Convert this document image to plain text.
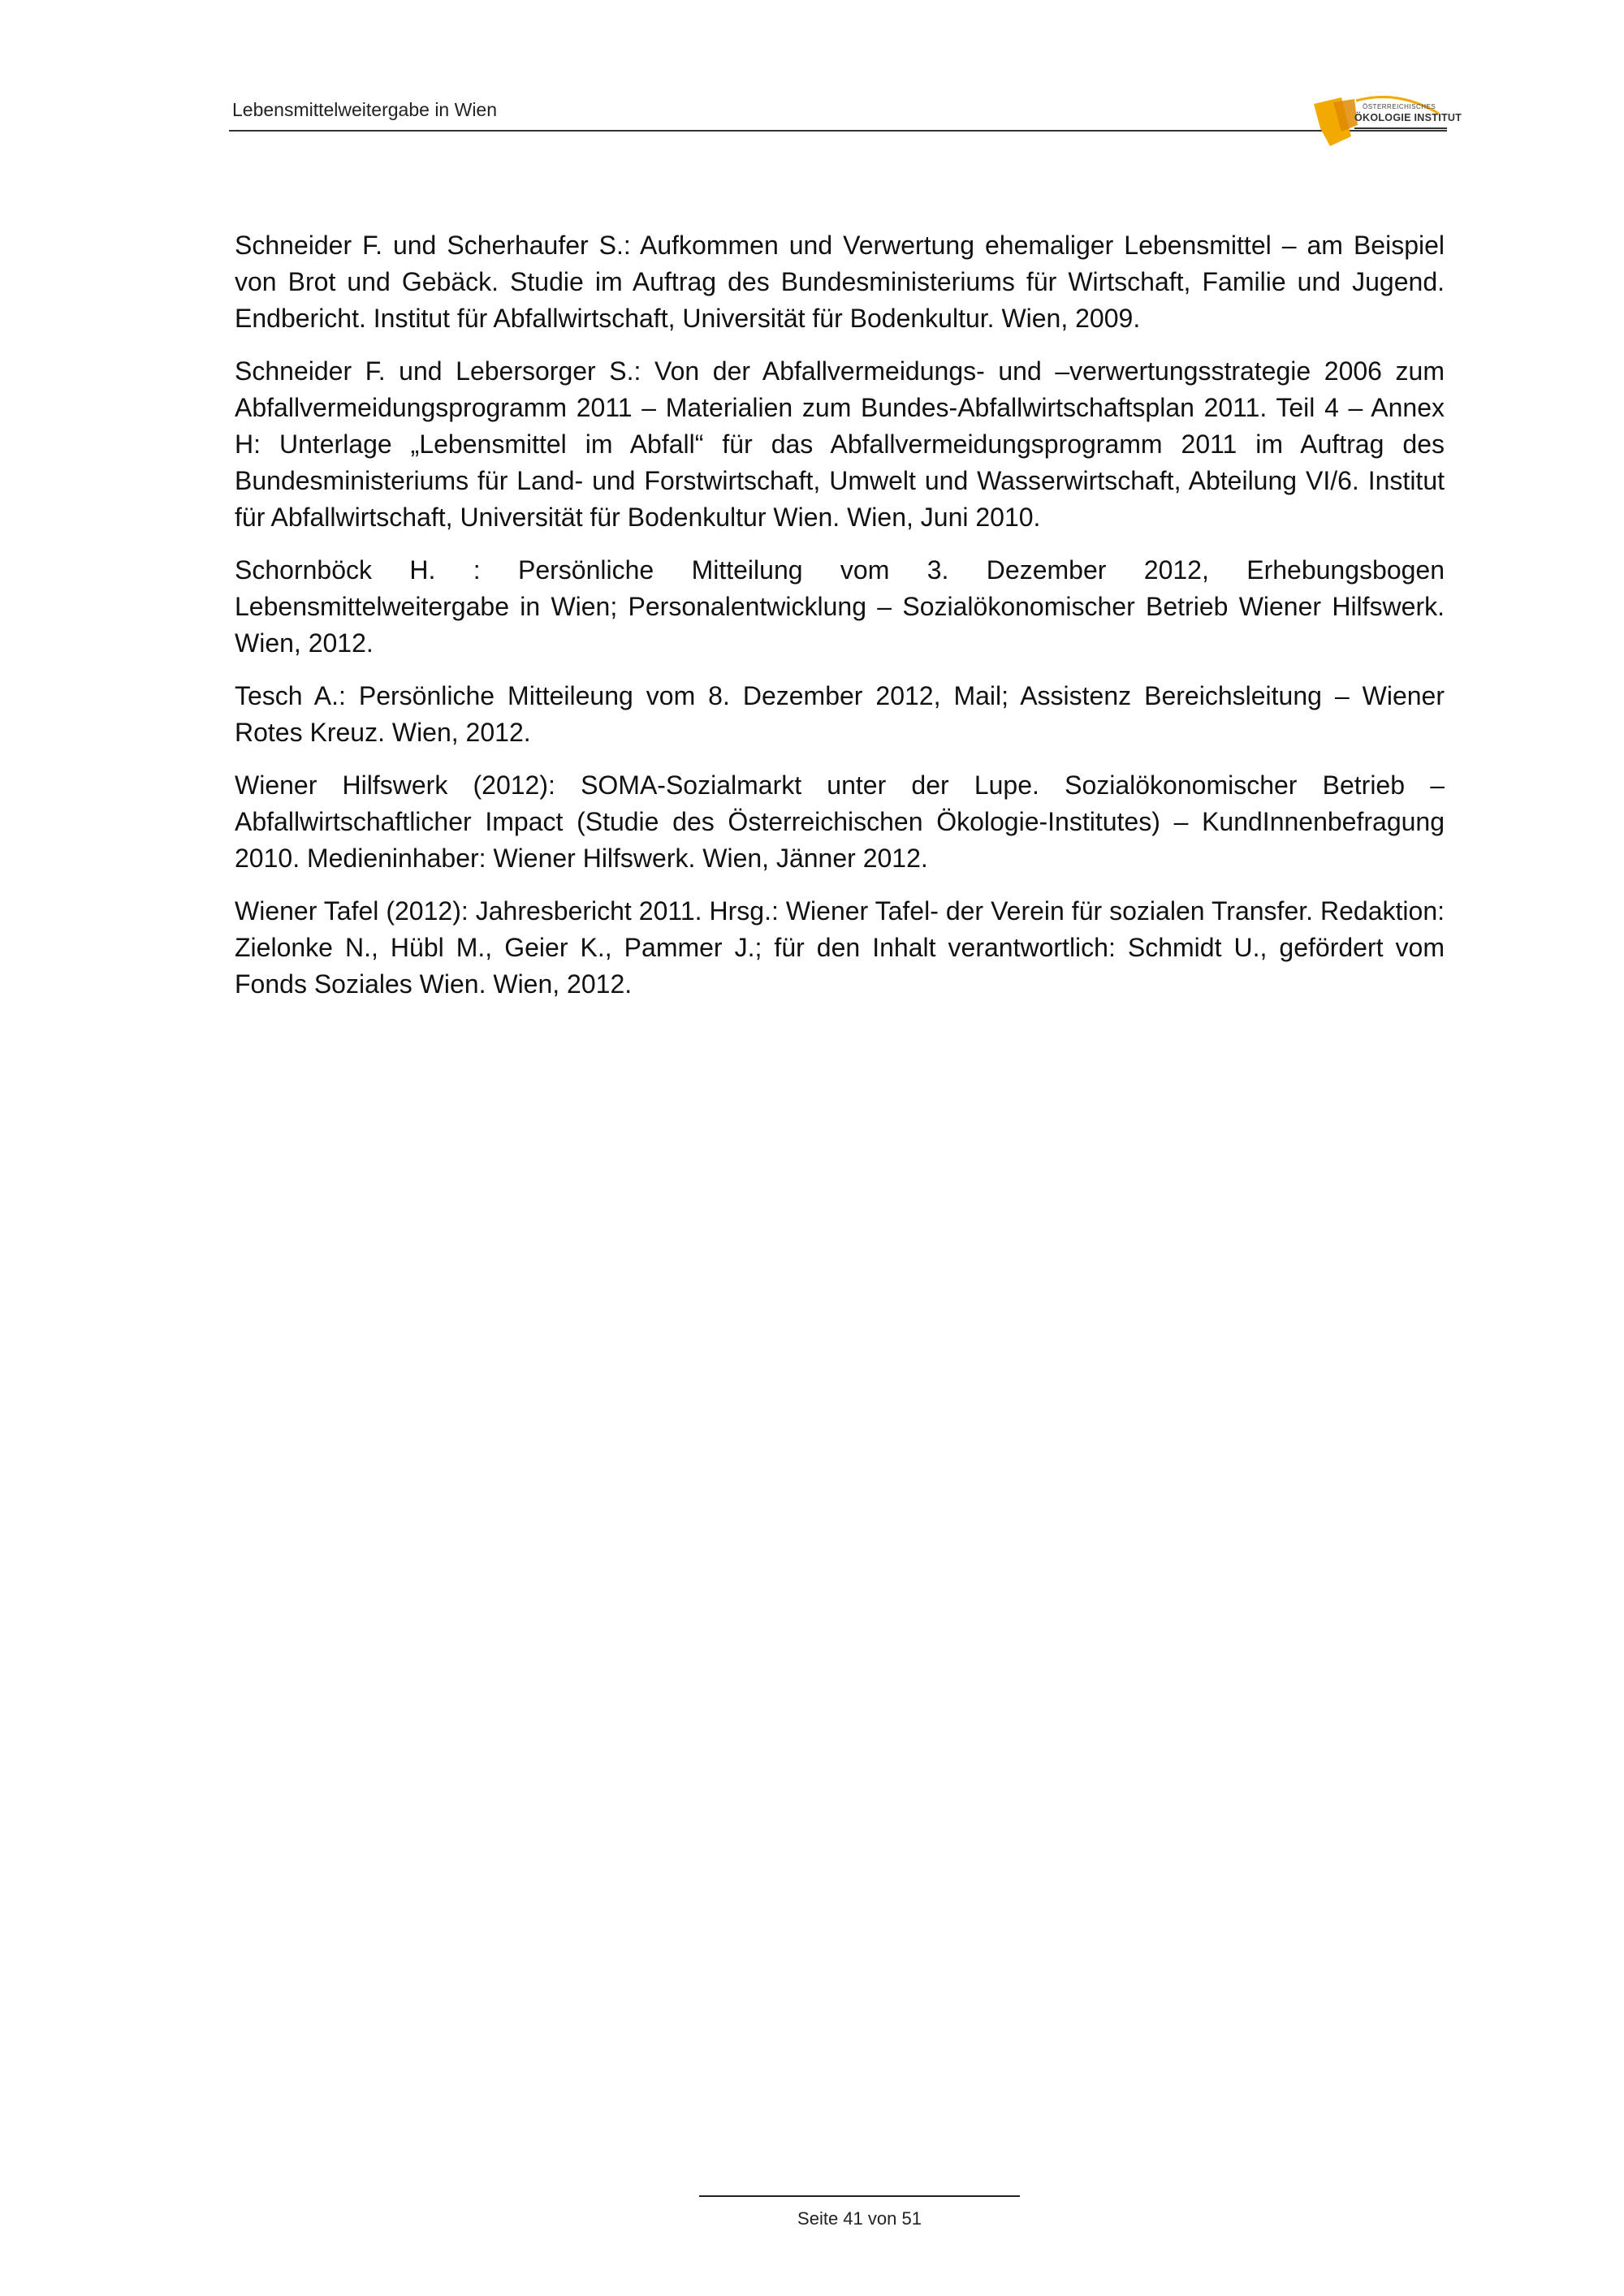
Lebensmittelweitergabe in Wien	ÖSTERREICHISCHES
ÖKOLOGIE INSTITUT

Schneider F. und Scherhaufer S.: Aufkommen und Verwertung ehemaliger Lebensmittel – am Beispiel von Brot und Gebäck. Studie im Auftrag des Bundesministeriums für Wirtschaft, Familie und Jugend. Endbericht. Institut für Abfallwirtschaft, Universität für Bodenkultur. Wien, 2009.

Schneider F. und Lebersorger S.: Von der Abfallvermeidungs- und –verwertungsstrategie 2006 zum Abfallvermeidungsprogramm 2011 – Materialien zum Bundes-Abfallwirtschaftsplan 2011. Teil 4 – Annex H: Unterlage „Lebensmittel im Abfall“ für das Abfallvermeidungsprogramm 2011 im Auftrag des Bundesministeriums für Land- und Forstwirtschaft, Umwelt und Wasserwirtschaft, Abteilung VI/6. Institut für Abfallwirtschaft, Universität für Bodenkultur Wien. Wien, Juni 2010.

Schornböck H. : Persönliche Mitteilung vom 3. Dezember 2012, Erhebungsbogen Lebensmittelweitergabe in Wien; Personalentwicklung – Sozialökonomischer Betrieb Wiener Hilfswerk. Wien, 2012.

Tesch A.: Persönliche Mitteileung vom 8. Dezember 2012, Mail; Assistenz Bereichsleitung – Wiener Rotes Kreuz. Wien, 2012.

Wiener Hilfswerk (2012): SOMA-Sozialmarkt unter der Lupe. Sozialökonomischer Betrieb – Abfallwirtschaftlicher Impact (Studie des Österreichischen Ökologie-Institutes) – KundInnenbefragung 2010. Medieninhaber: Wiener Hilfswerk. Wien, Jänner 2012.

Wiener Tafel (2012): Jahresbericht 2011. Hrsg.: Wiener Tafel- der Verein für sozialen Transfer. Redaktion: Zielonke N., Hübl M., Geier K., Pammer J.; für den Inhalt verantwortlich: Schmidt U., gefördert vom Fonds Soziales Wien. Wien, 2012.

Seite 41 von 51
